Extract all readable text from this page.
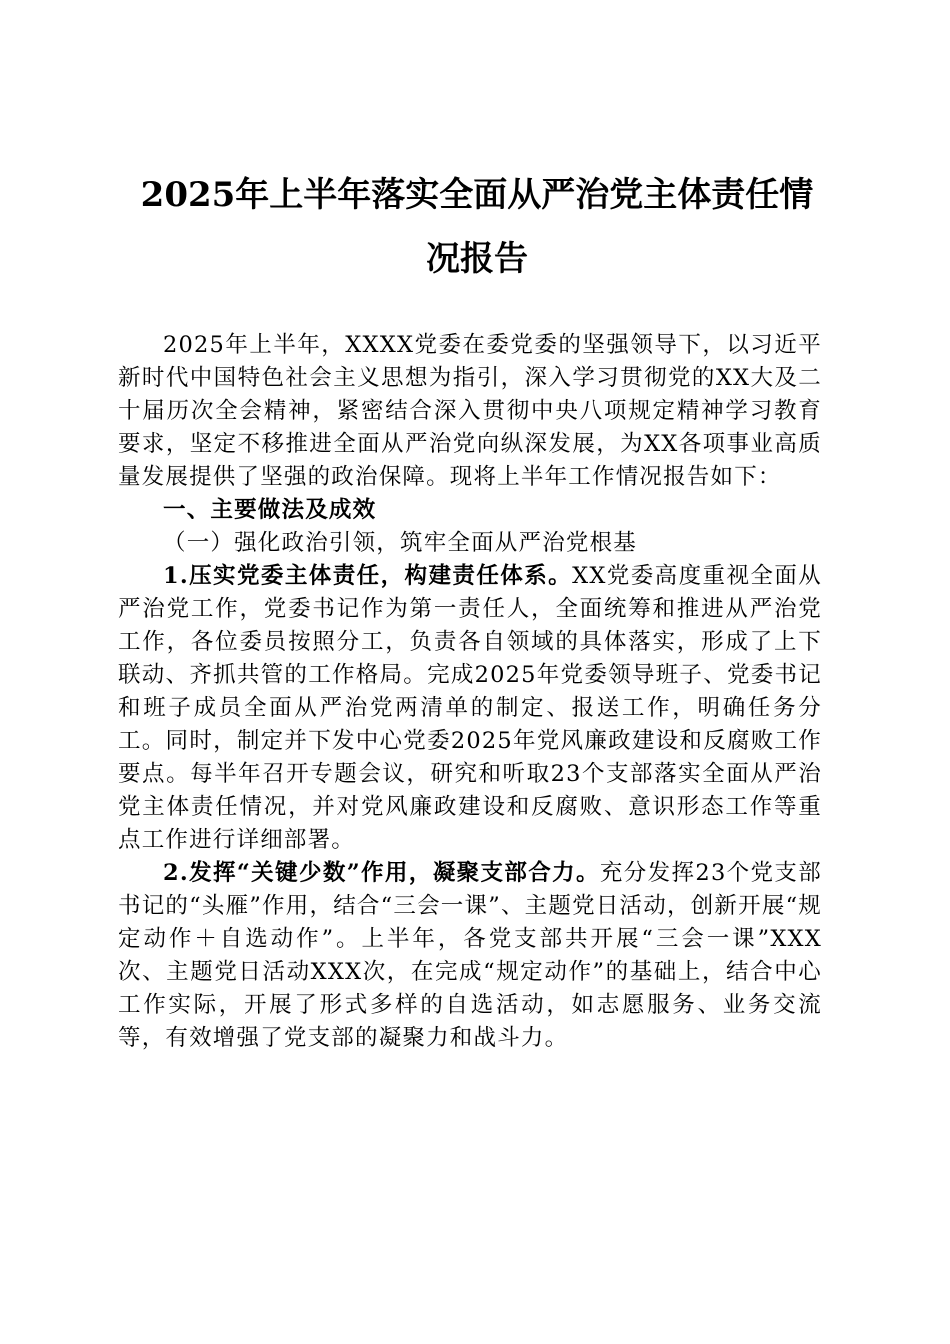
2025年上半年落实全面从严治党主体责任情
况报告

2025年上半年，XXXX党委在委党委的坚强领导下，以习近平新时代中国特色社会主义思想为指引，深入学习贯彻党的XX大及二十届历次全会精神，紧密结合深入贯彻中央八项规定精神学习教育要求，坚定不移推进全面从严治党向纵深发展，为XX各项事业高质量发展提供了坚强的政治保障。现将上半年工作情况报告如下：

一、主要做法及成效

（一）强化政治引领，筑牢全面从严治党根基

1.压实党委主体责任，构建责任体系。XX党委高度重视全面从严治党工作，党委书记作为第一责任人，全面统筹和推进从严治党工作，各位委员按照分工，负责各自领域的具体落实，形成了上下联动、齐抓共管的工作格局。完成2025年党委领导班子、党委书记和班子成员全面从严治党两清单的制定、报送工作，明确任务分工。同时，制定并下发中心党委2025年党风廉政建设和反腐败工作要点。每半年召开专题会议，研究和听取23个支部落实全面从严治党主体责任情况，并对党风廉政建设和反腐败、意识形态工作等重点工作进行详细部署。

2.发挥“关键少数”作用，凝聚支部合力。充分发挥23个党支部书记的“头雁”作用，结合“三会一课”、主题党日活动，创新开展“规定动作＋自选动作”。上半年，各党支部共开展“三会一课”XXX次、主题党日活动XXX次，在完成“规定动作”的基础上，结合中心工作实际，开展了形式多样的自选活动，如志愿服务、业务交流等，有效增强了党支部的凝聚力和战斗力。
